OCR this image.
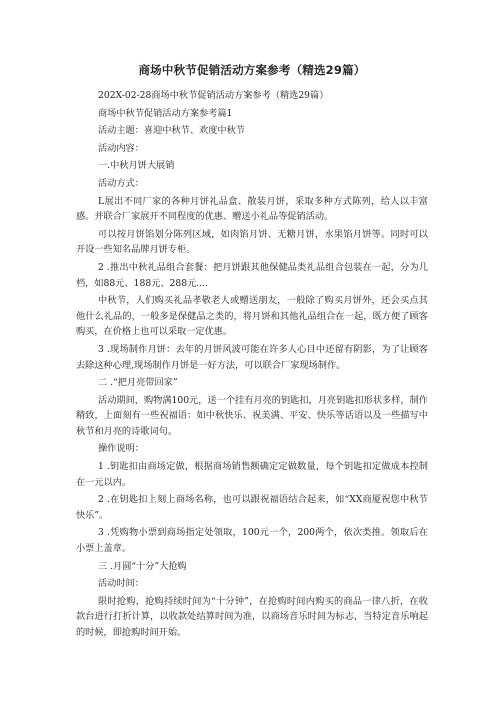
商场中秋节促销活动方案参考（精选29篇）
202X-02-28商场中秋节促销活动方案参考（精选29篇）
商场中秋节促销活动方案参考篇1
活动主题：喜迎中秋节、欢度中秋节
活动内容：
一.中秋月饼大展销
活动方式：
L展出不同厂家的各种月饼礼品盒、散装月饼，采取多种方式陈列，给人以丰富感。并联合厂家展开不同程度的优惠、赠送小礼品等促销活动。
可以按月饼馅划分陈列区域，如肉馅月饼、无糖月饼，水果馅月饼等。同时可以开设一些知名品牌月饼专柜。
2 .推出中秋礼品组合套餐：把月饼跟其他保健品类礼品组合包装在一起，分为几档，如88元、188元、288元....
中秋节，人们购买礼品孝敬老人或赠送朋友，一般除了购买月饼外，还会买点其他什么礼品的，一般多是保健品之类的，将月饼和其他礼品组合在一起，既方便了顾客购买，在价格上也可以采取一定优惠。
3 .现场制作月饼：去年的月饼风波可能在许多人心目中还留有阴影，为了让顾客去除这种心理,现场制作月饼是一好方法，可以联合厂家现场制作。
二 .“把月亮带回家”
活动期间，购物满100元，送一个挂有月亮的钥匙扣，月亮钥匙扣形状多样，制作精致，上面刻有一些祝福语：如中秋快乐、祝美满、平安、快乐等话语以及一些描写中秋节和月亮的诗歌词句。
操作说明：
1 .钥匙扣由商场定做，根据商场销售额确定定做数量，每个钥匙扣定做成本控制在一元以内。
2 .在钥匙扣上刻上商场名称，也可以跟祝福语结合起来，如“XX商厦祝您中秋节快乐”。
3 .凭购物小票到商场指定处领取，100元一个，200两个，依次类推。领取后在小票上盖章。
三 .月圆“十分”大抢购
活动时间：
限时抢购，抢购持续时间为“十分钟”，在抢购时间内购买的商品一律八折，在收款台进行打折计算，以收款处结算时间为准，以商场音乐时间为标志，当特定音乐响起的时候，即抢购时间开始。
